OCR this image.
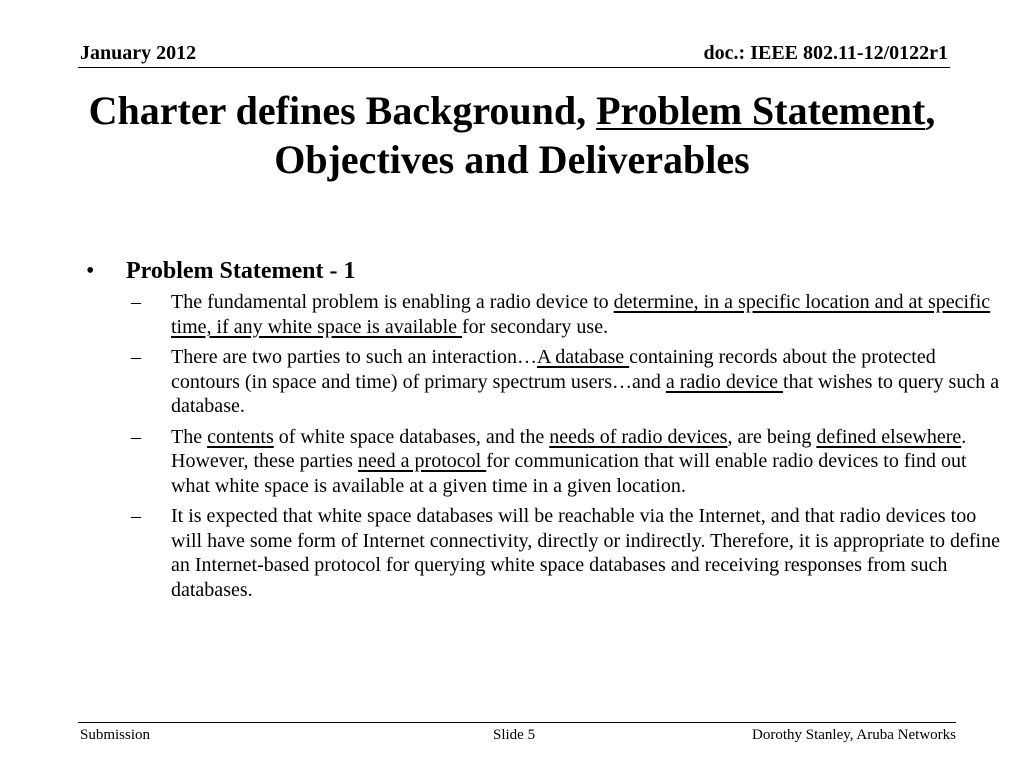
January 2012	doc.: IEEE 802.11-12/0122r1
Charter defines Background, Problem Statement, Objectives and Deliverables
•	Problem Statement - 1
–	The fundamental problem is enabling a radio device to determine, in a specific location and at specific time, if any white space is available for secondary use.
–	There are two parties to such an interaction…A database containing records about the protected contours (in space and time) of primary spectrum users…and a radio device that wishes to query such a database.
–	The contents of white space databases, and the needs of radio devices, are being defined elsewhere. However, these parties need a protocol for communication that will enable radio devices to find out what white space is available at a given time in a given location.
–	It is expected that white space databases will be reachable via the Internet, and that radio devices too will have some form of Internet connectivity, directly or indirectly. Therefore, it is appropriate to define an Internet-based protocol for querying white space databases and receiving responses from such databases.
Submission	Slide 5	Dorothy Stanley, Aruba Networks
